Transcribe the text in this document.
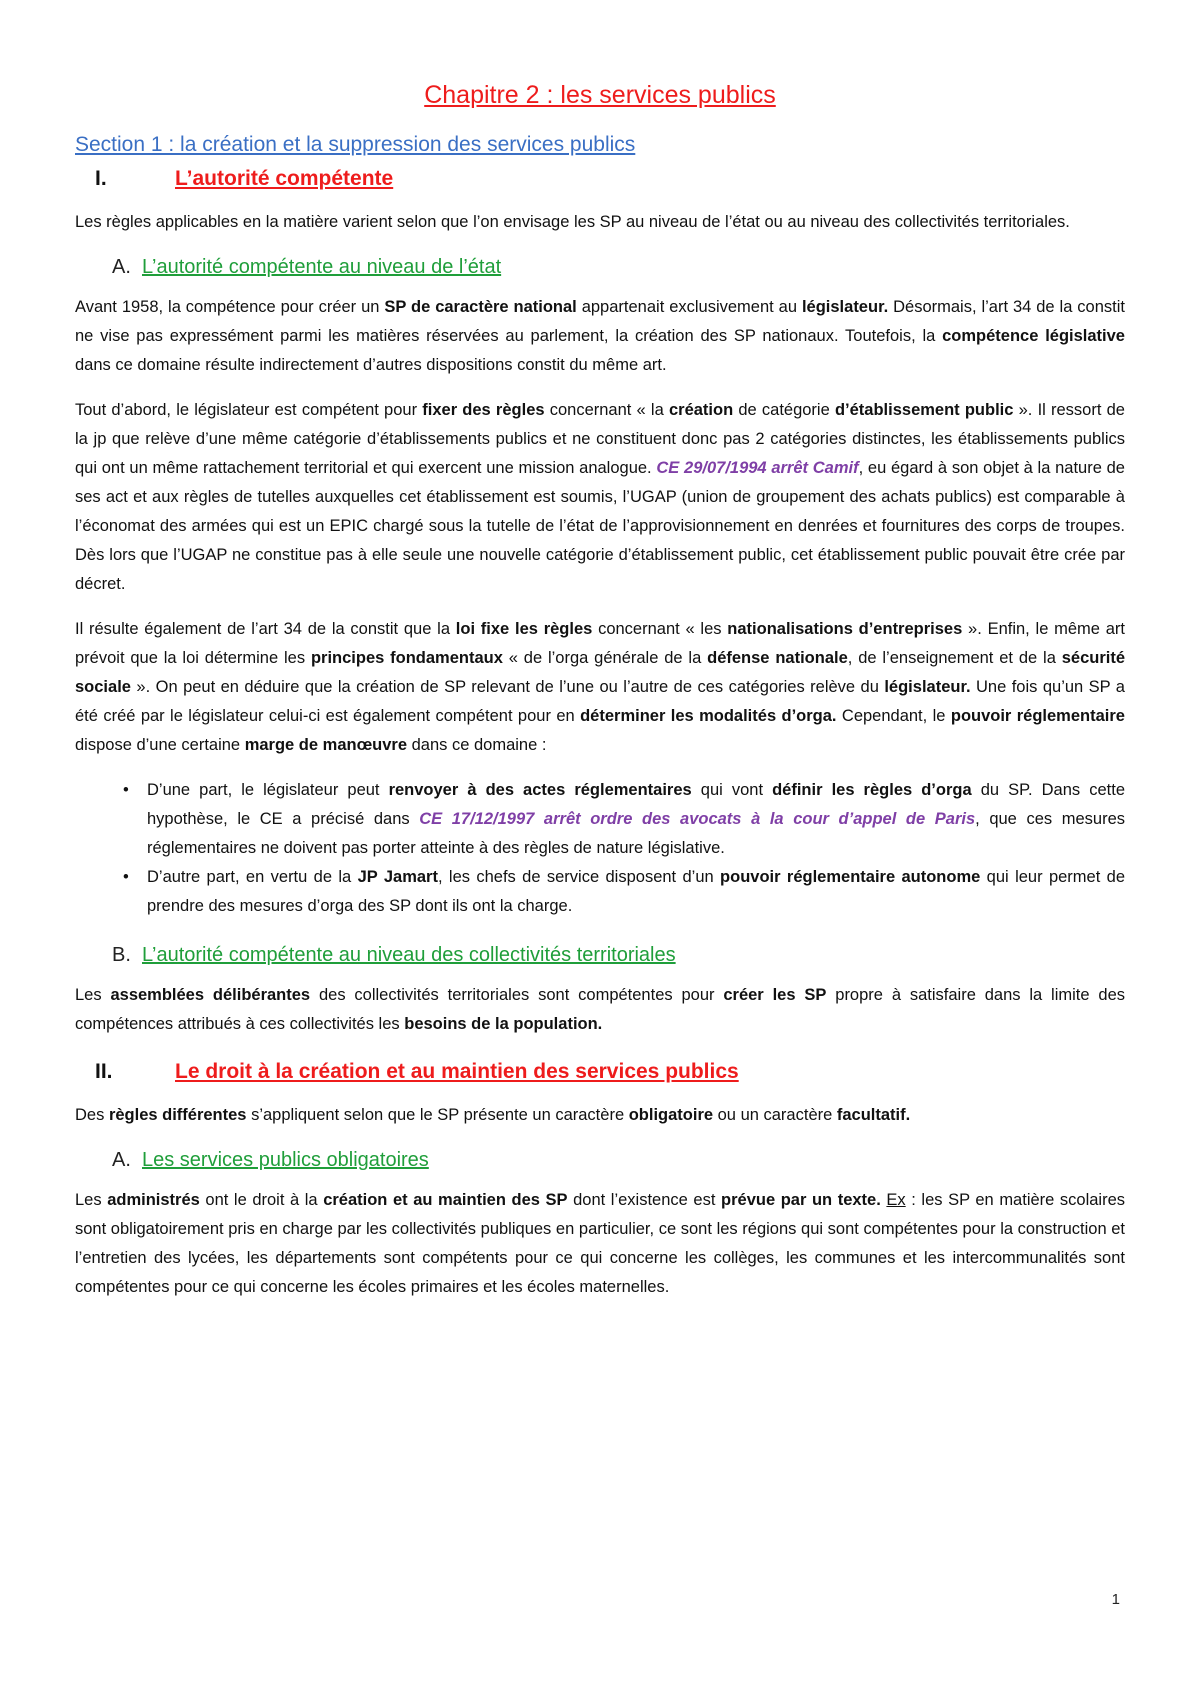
Chapitre 2 : les services publics
Section 1 : la création et la suppression des services publics
I.	L’autorité compétente

Les règles applicables en la matière varient selon que l’on envisage les SP au niveau de l’état ou au niveau des collectivités territoriales.

A. L’autorité compétente au niveau de l’état

Avant 1958, la compétence pour créer un SP de caractère national appartenait exclusivement au législateur. Désormais, l’art 34 de la constit ne vise pas expressément parmi les matières réservées au parlement, la création des SP nationaux. Toutefois, la compétence législative dans ce domaine résulte indirectement d’autres dispositions constit du même art.

Tout d’abord, le législateur est compétent pour fixer des règles concernant « la création de catégorie d’établissement public ». Il ressort de la jp que relève d’une même catégorie d’établissements publics et ne constituent donc pas 2 catégories distinctes, les établissements publics qui ont un même rattachement territorial et qui exercent une mission analogue. CE 29/07/1994 arrêt Camif, eu égard à son objet à la nature de ses act et aux règles de tutelles auxquelles cet établissement est soumis, l’UGAP (union de groupement des achats publics) est comparable à l’économat des armées qui est un EPIC chargé sous la tutelle de l’état de l’approvisionnement en denrées et fournitures des corps de troupes. Dès lors que l’UGAP ne constitue pas à elle seule une nouvelle catégorie d’établissement public, cet établissement public pouvait être crée par décret.

Il résulte également de l’art 34 de la constit que la loi fixe les règles concernant « les nationalisations d’entreprises ». Enfin, le même art prévoit que la loi détermine les principes fondamentaux « de l’orga générale de la défense nationale, de l’enseignement et de la sécurité sociale ». On peut en déduire que la création de SP relevant de l’une ou l’autre de ces catégories relève du législateur. Une fois qu’un SP a été créé par le législateur celui-ci est également compétent pour en déterminer les modalités d’orga. Cependant, le pouvoir réglementaire dispose d’une certaine marge de manœuvre dans ce domaine :

• D’une part, le législateur peut renvoyer à des actes réglementaires qui vont définir les règles d’orga du SP. Dans cette hypothèse, le CE a précisé dans CE 17/12/1997 arrêt ordre des avocats à la cour d’appel de Paris, que ces mesures réglementaires ne doivent pas porter atteinte à des règles de nature législative.
• D’autre part, en vertu de la JP Jamart, les chefs de service disposent d’un pouvoir réglementaire autonome qui leur permet de prendre des mesures d’orga des SP dont ils ont la charge.
B. L’autorité compétente au niveau des collectivités territoriales

Les assemblées délibérantes des collectivités territoriales sont compétentes pour créer les SP propre à satisfaire dans la limite des compétences attribués à ces collectivités les besoins de la population.

II.	Le droit à la création et au maintien des services publics

Des règles différentes s’appliquent selon que le SP présente un caractère obligatoire ou un caractère facultatif.

A. Les services publics obligatoires

Les administrés ont le droit à la création et au maintien des SP dont l’existence est prévue par un texte. Ex : les SP en matière scolaires sont obligatoirement pris en charge par les collectivités publiques en particulier, ce sont les régions qui sont compétentes pour la construction et l’entretien des lycées, les départements sont compétents pour ce qui concerne les collèges, les communes et les intercommunalités sont compétentes pour ce qui concerne les écoles primaires et les écoles maternelles.

1
